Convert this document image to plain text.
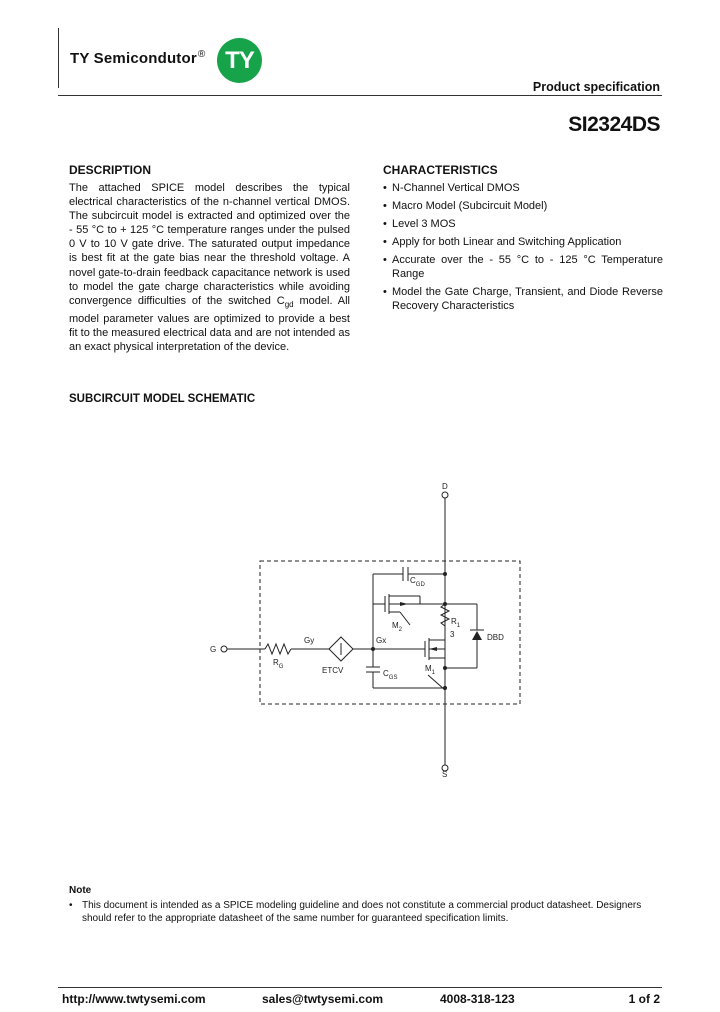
TY Semicondutor® TY
Product specification
SI2324DS
DESCRIPTION
The attached SPICE model describes the typical electrical characteristics of the n-channel vertical DMOS. The subcircuit model is extracted and optimized over the - 55 °C to + 125 °C temperature ranges under the pulsed 0 V to 10 V gate drive. The saturated output impedance is best fit at the gate bias near the threshold voltage. A novel gate-to-drain feedback capacitance network is used to model the gate charge characteristics while avoiding convergence difficulties of the switched $C_{gd}$ model. All model parameter values are optimized to provide a best fit to the measured electrical data and are not intended as an exact physical interpretation of the device.
CHARACTERISTICS
• N-Channel Vertical DMOS
• Macro Model (Subcircuit Model)
• Level 3 MOS
• Apply for both Linear and Switching Application
• Accurate over the - 55 °C to - 125 °C Temperature Range
• Model the Gate Charge, Transient, and Diode Reverse Recovery Characteristics
SUBCIRCUIT MODEL SCHEMATIC
D
G
S
Gy	Gx
$R_G$	ETCV
$C_{GD}$
$C_{GS}$
$M_2$
$M_1$
$R_1$
3	DBD
Note
• This document is intended as a SPICE modeling guideline and does not constitute a commercial product datasheet. Designers should refer to the appropriate datasheet of the same number for guaranteed specification limits.
http://www.twtysemi.com	sales@twtysemi.com	4008-318-123	1 of 2
